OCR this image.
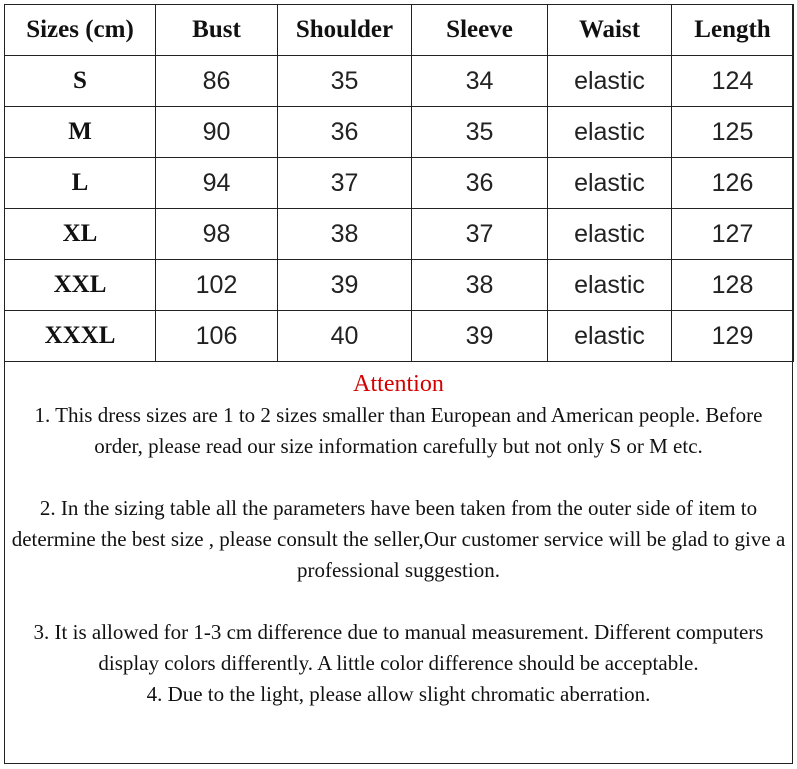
Sizes (cm)	Bust	Shoulder	Sleeve	Waist	Length
S	86	35	34	elastic	124
M	90	36	35	elastic	125
L	94	37	36	elastic	126
XL	98	38	37	elastic	127
XXL	102	39	38	elastic	128
XXXL	106	40	39	elastic	129
Attention

1. This dress sizes are 1 to 2 sizes smaller than European and American people. Before order, please read our size information carefully but not only S or M etc.

2. In the sizing table all the parameters have been taken from the outer side of item to determine the best size , please consult the seller,Our customer service will be glad to give a professional suggestion.

3. It is allowed for 1-3 cm difference due to manual measurement. Different computers display colors differently. A little color difference should be acceptable.

4. Due to the light, please allow slight chromatic aberration.
